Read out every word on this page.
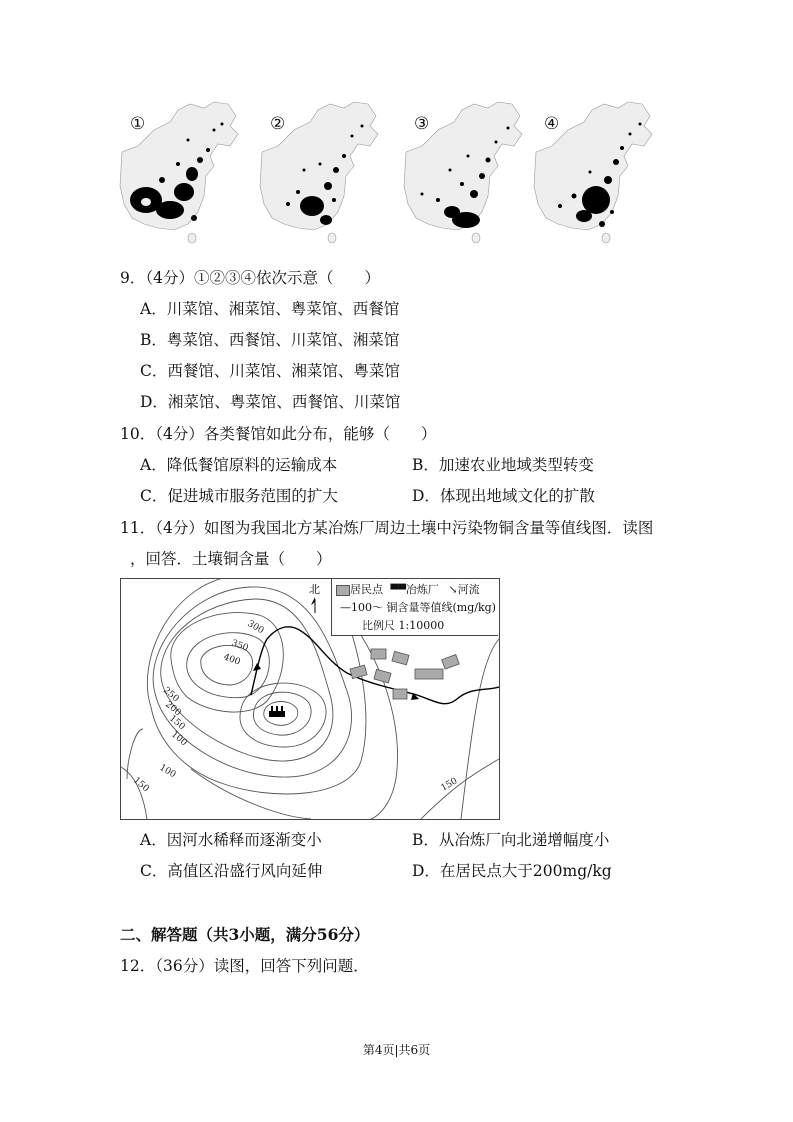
①	②	③	④
9．（4分）①②③④依次示意（　　）
A．川菜馆、湘菜馆、粤菜馆、西餐馆
B．粤菜馆、西餐馆、川菜馆、湘菜馆
C．西餐馆、川菜馆、湘菜馆、粤菜馆
D．湘菜馆、粤菜馆、西餐馆、川菜馆
10．（4分）各类餐馆如此分布，能够（　　）
A．降低餐馆原料的运输成本	B．加速农业地域类型转变
C．促进城市服务范围的扩大	D．体现出地域文化的扩散
11．（4分）如图为我国北方某冶炼厂周边土壤中污染物铜含量等值线图．读图
，回答．土壤铜含量（　　）
300
350
400
250
200
150
100
100
150	150
北	居民点 ▀▀冶炼厂 ↘河流
—100～ 铜含量等值线(mg/kg)
比例尺 1:10000
A．因河水稀释而逐渐变小	B．从冶炼厂向北递增幅度小
C．高值区沿盛行风向延伸	D．在居民点大于200mg/kg
二、解答题（共3小题，满分56分）
12．（36分）读图，回答下列问题．
第4页|共6页
